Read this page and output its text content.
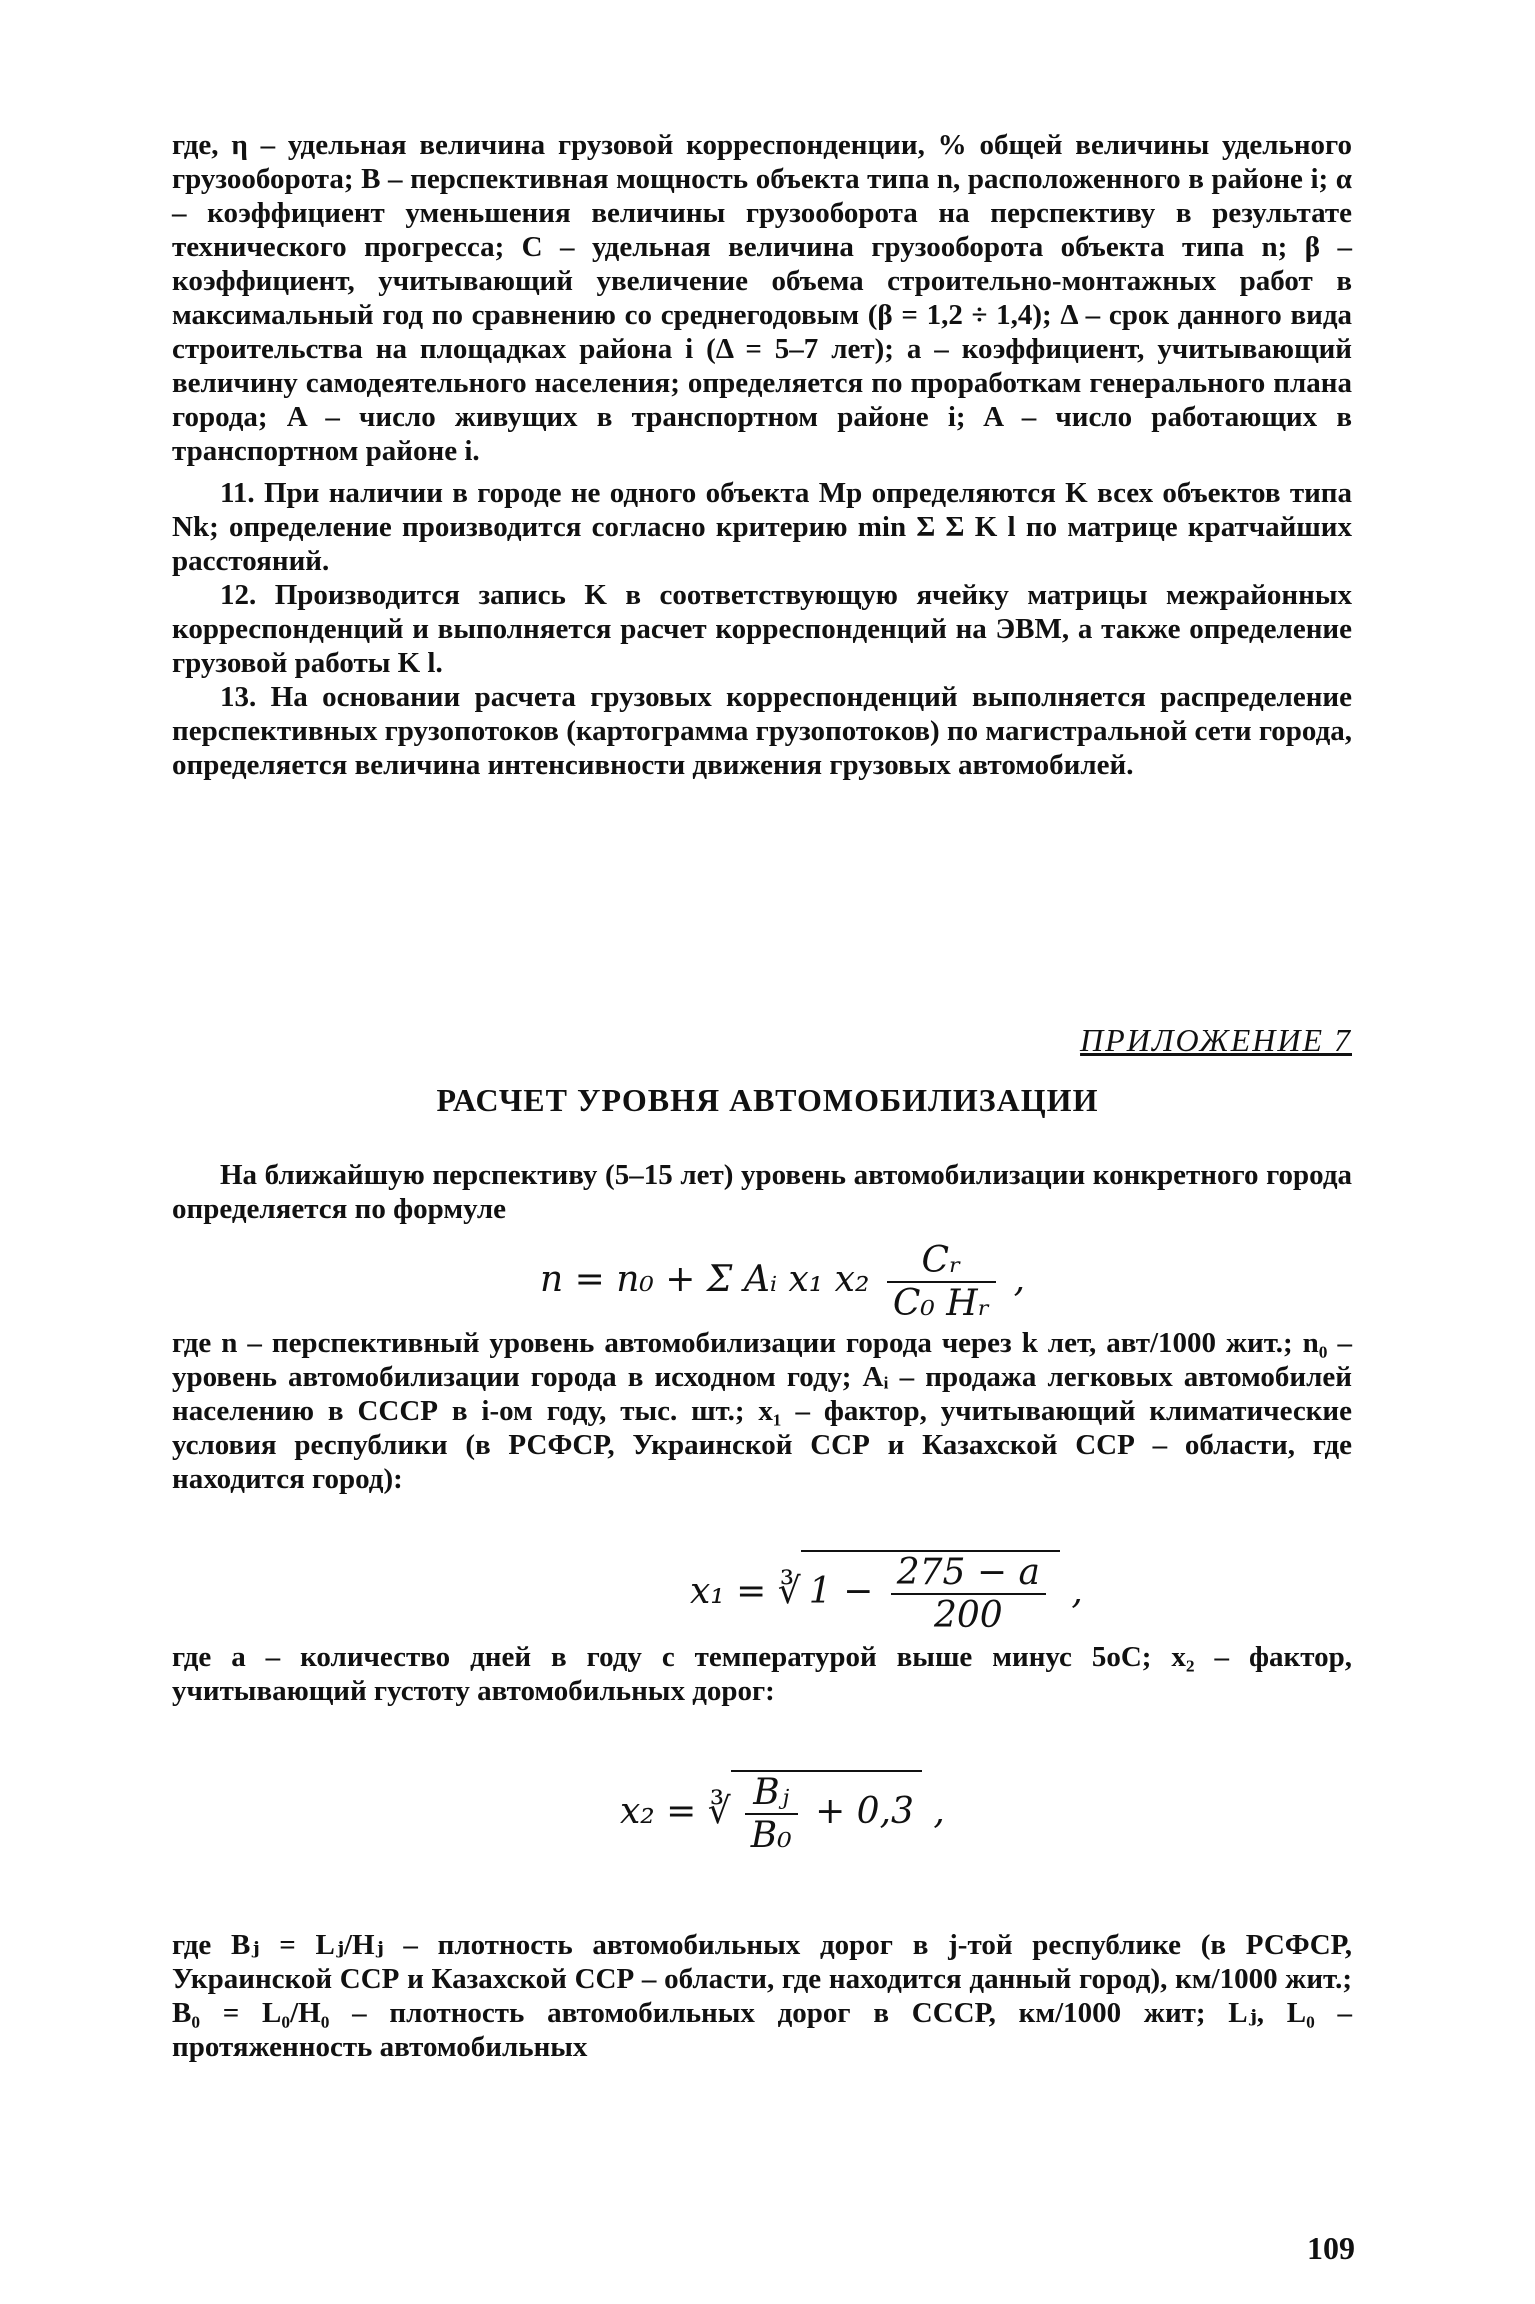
где, η – удельная величина грузовой корреспонденции, % общей величины удельного грузооборота; B – перспективная мощность объекта типа n, расположенного в районе i; α – коэффициент уменьшения величины грузооборота на перспективу в результате технического прогресса; C – удельная величина грузооборота объекта типа n; β – коэффициент, учитывающий увеличение объема строительно-монтажных работ в максимальный год по сравнению со среднегодовым (β = 1,2 ÷ 1,4); Δ – срок данного вида строительства на площадках района i (Δ = 5–7 лет); a – коэффициент, учитывающий величину самодеятельного населения; определяется по проработкам генерального плана города; A – число живущих в транспортном районе i; A – число работающих в транспортном районе i.

11. При наличии в городе не одного объекта Mр определяются K всех объектов типа Nk; определение производится согласно критерию min Σ Σ K l по матрице кратчайших расстояний.

12. Производится запись K в соответствующую ячейку матрицы межрайонных корреспонденций и выполняется расчет корреспонденций на ЭВМ, а также определение грузовой работы K l.

13. На основании расчета грузовых корреспонденций выполняется распределение перспективных грузопотоков (картограмма грузопотоков) по магистральной сети города, определяется величина интенсивности движения грузовых автомобилей.

ПРИЛОЖЕНИЕ 7
РАСЧЕТ УРОВНЯ АВТОМОБИЛИЗАЦИИ

На ближайшую перспективу (5–15 лет) уровень автомобилизации конкретного города определяется по формуле

n = n₀ + Σ Aᵢ x₁ $x_2 \frac{\text{Cᵣ}}{\text{C₀ Hᵣ}}$ ,

где n – перспективный уровень автомобилизации города через k лет, авт/1000 жит.; n₀ – уровень автомобилизации города в исходном году; Aᵢ – продажа легковых автомобилей населению в СССР в i-ом году, тыс. шт.; x₁ – фактор, учитывающий климатические условия республики (в РСФСР, Украинской ССР и Казахской ССР – области, где находится город):

x₁ = ∛ $1 - \frac{275 - a}{200}$ ,

где a – количество дней в году с температурой выше минус 5оС; x₂ – фактор, учитывающий густоту автомобильных дорог:

x₂ = ∛ $\frac{\text{Bⱼ}}{\text{B₀}} + 0,3$ ,

где Bⱼ = Lⱼ/Hⱼ – плотность автомобильных дорог в j-той республике (в РСФСР, Украинской ССР и Казахской ССР – области, где находится данный город), км/1000 жит.; B₀ = L₀/H₀ – плотность автомобильных дорог в СССР, км/1000 жит; Lⱼ, L₀ – протяженность автомобильных

109
